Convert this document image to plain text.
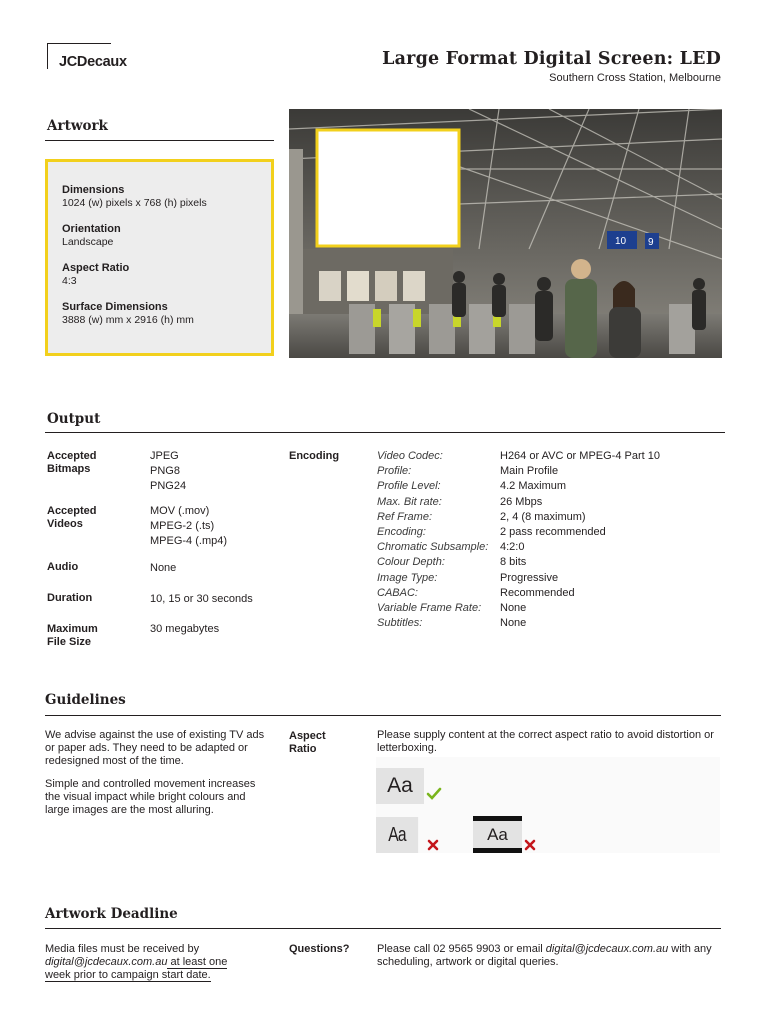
JCDecaux	Large Format Digital Screen: LED
Southern Cross Station, Melbourne
Artwork
Dimensions
1024 (w) pixels x 768 (h) pixels
Orientation
Landscape
Aspect Ratio
4:3
Surface Dimensions
3888 (w) mm x 2916 (h) mm
10 9
Output
Accepted Bitmaps
JPEG
PNG8
PNG24
Accepted Videos
MOV (.mov)
MPEG-2 (.ts)
MPEG-4 (.mp4)
Audio	None
Duration	10, 15 or 30 seconds
Maximum File Size
30 megabytes
Encoding	Video Codec:	H264 or AVC or MPEG-4 Part 10
Profile:	Main Profile
Profile Level:	4.2 Maximum
Max. Bit rate:	26 Mbps
Ref Frame:	2, 4 (8 maximum)
Encoding:	2 pass recommended
Chromatic Subsample:	4:2:0
Colour Depth:	8 bits
Image Type:	Progressive
CABAC:	Recommended
Variable Frame Rate:	None
Subtitles:	None
Guidelines
We advise against the use of existing TV ads or paper ads. They need to be adapted or redesigned most of the time.
Simple and controlled movement increases the visual impact while bright colours and large images are the most alluring.
Aspect Ratio
Please supply content at the correct aspect ratio to avoid distortion or letterboxing.
Aa
Aa	Aa
Artwork Deadline
Media files must be received by
digital@jcdecaux.com.au at least one
week prior to campaign start date.
Questions? Please call 02 9565 9903 or email digital@jcdecaux.com.au with any scheduling, artwork or digital queries.
